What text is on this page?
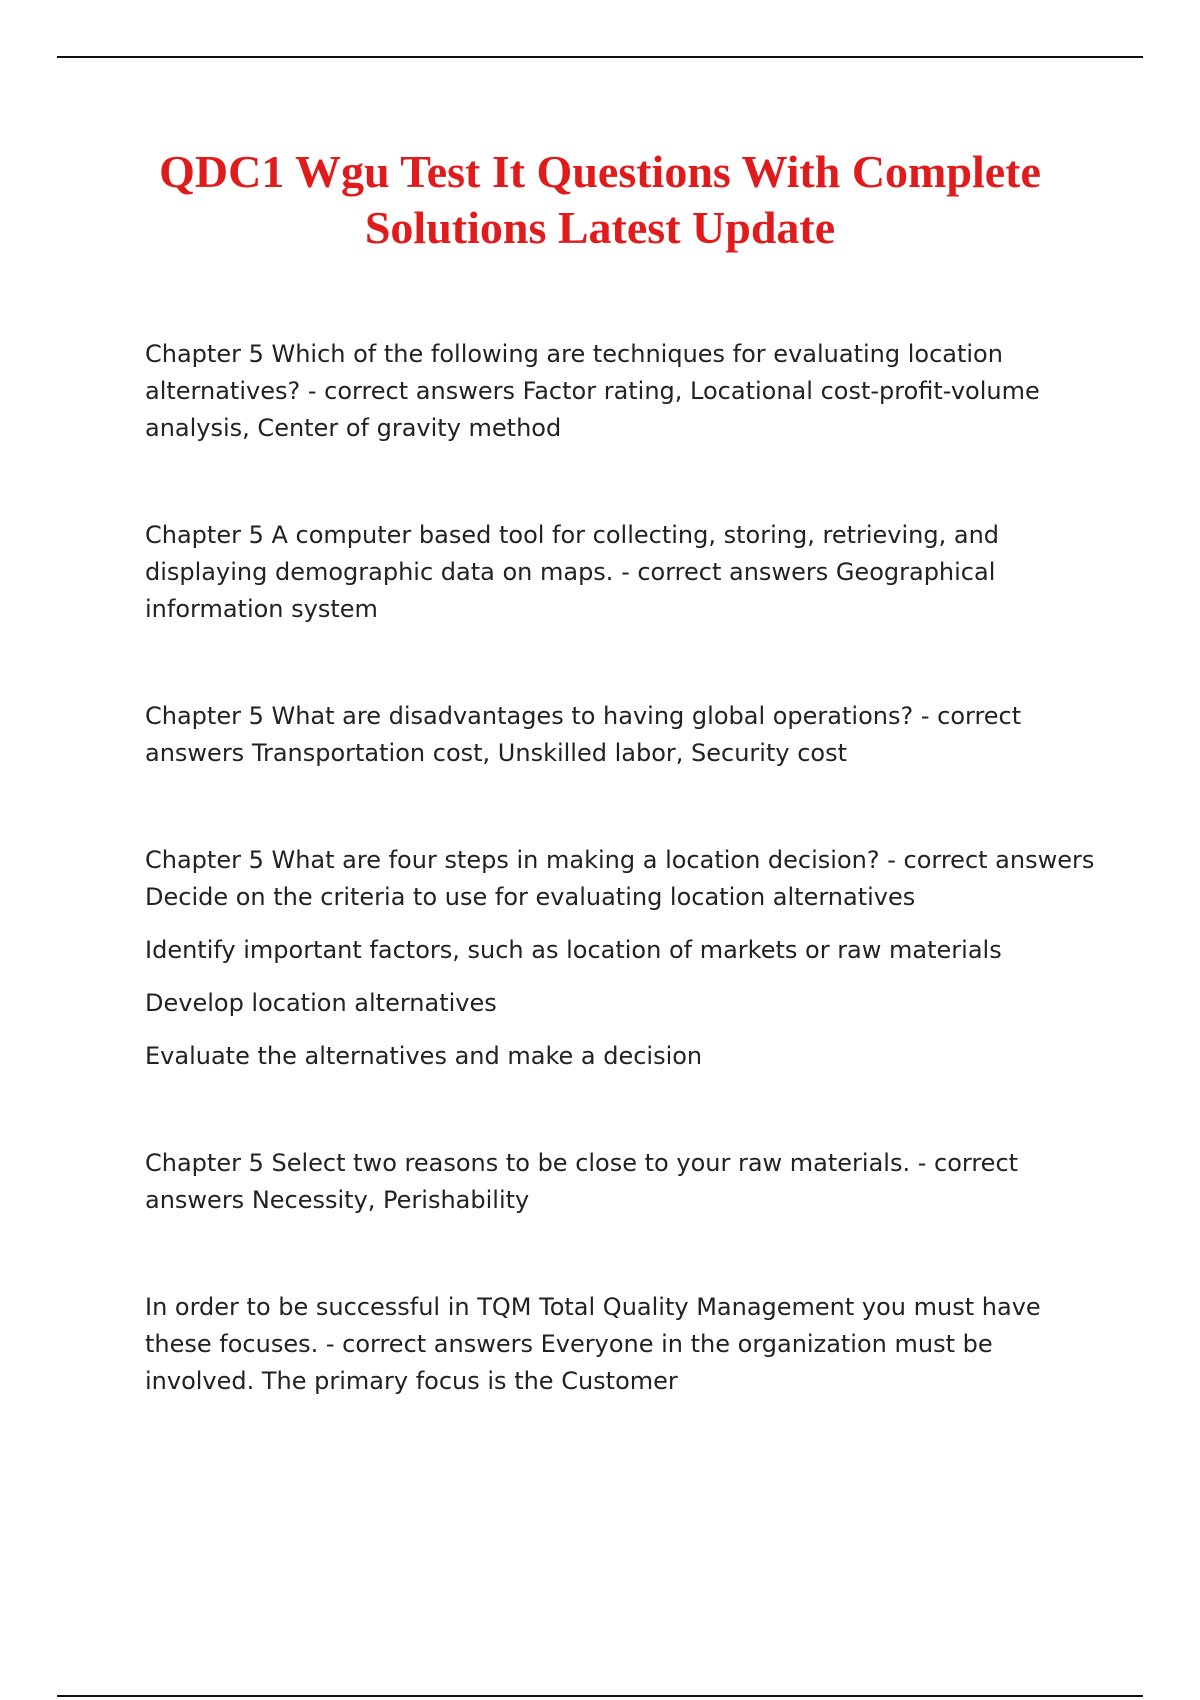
QDC1 Wgu Test It Questions With Complete Solutions Latest Update

Chapter 5 Which of the following are techniques for evaluating location alternatives? - correct answers Factor rating, Locational cost-profit-volume analysis, Center of gravity method

Chapter 5 A computer based tool for collecting, storing, retrieving, and displaying demographic data on maps. - correct answers Geographical information system

Chapter 5 What are disadvantages to having global operations? - correct answers Transportation cost, Unskilled labor, Security cost

Chapter 5 What are four steps in making a location decision? - correct answers Decide on the criteria to use for evaluating location alternatives

Identify important factors, such as location of markets or raw materials

Develop location alternatives

Evaluate the alternatives and make a decision

Chapter 5 Select two reasons to be close to your raw materials. - correct answers Necessity, Perishability

In order to be successful in TQM Total Quality Management you must have these focuses. - correct answers Everyone in the organization must be involved. The primary focus is the Customer
